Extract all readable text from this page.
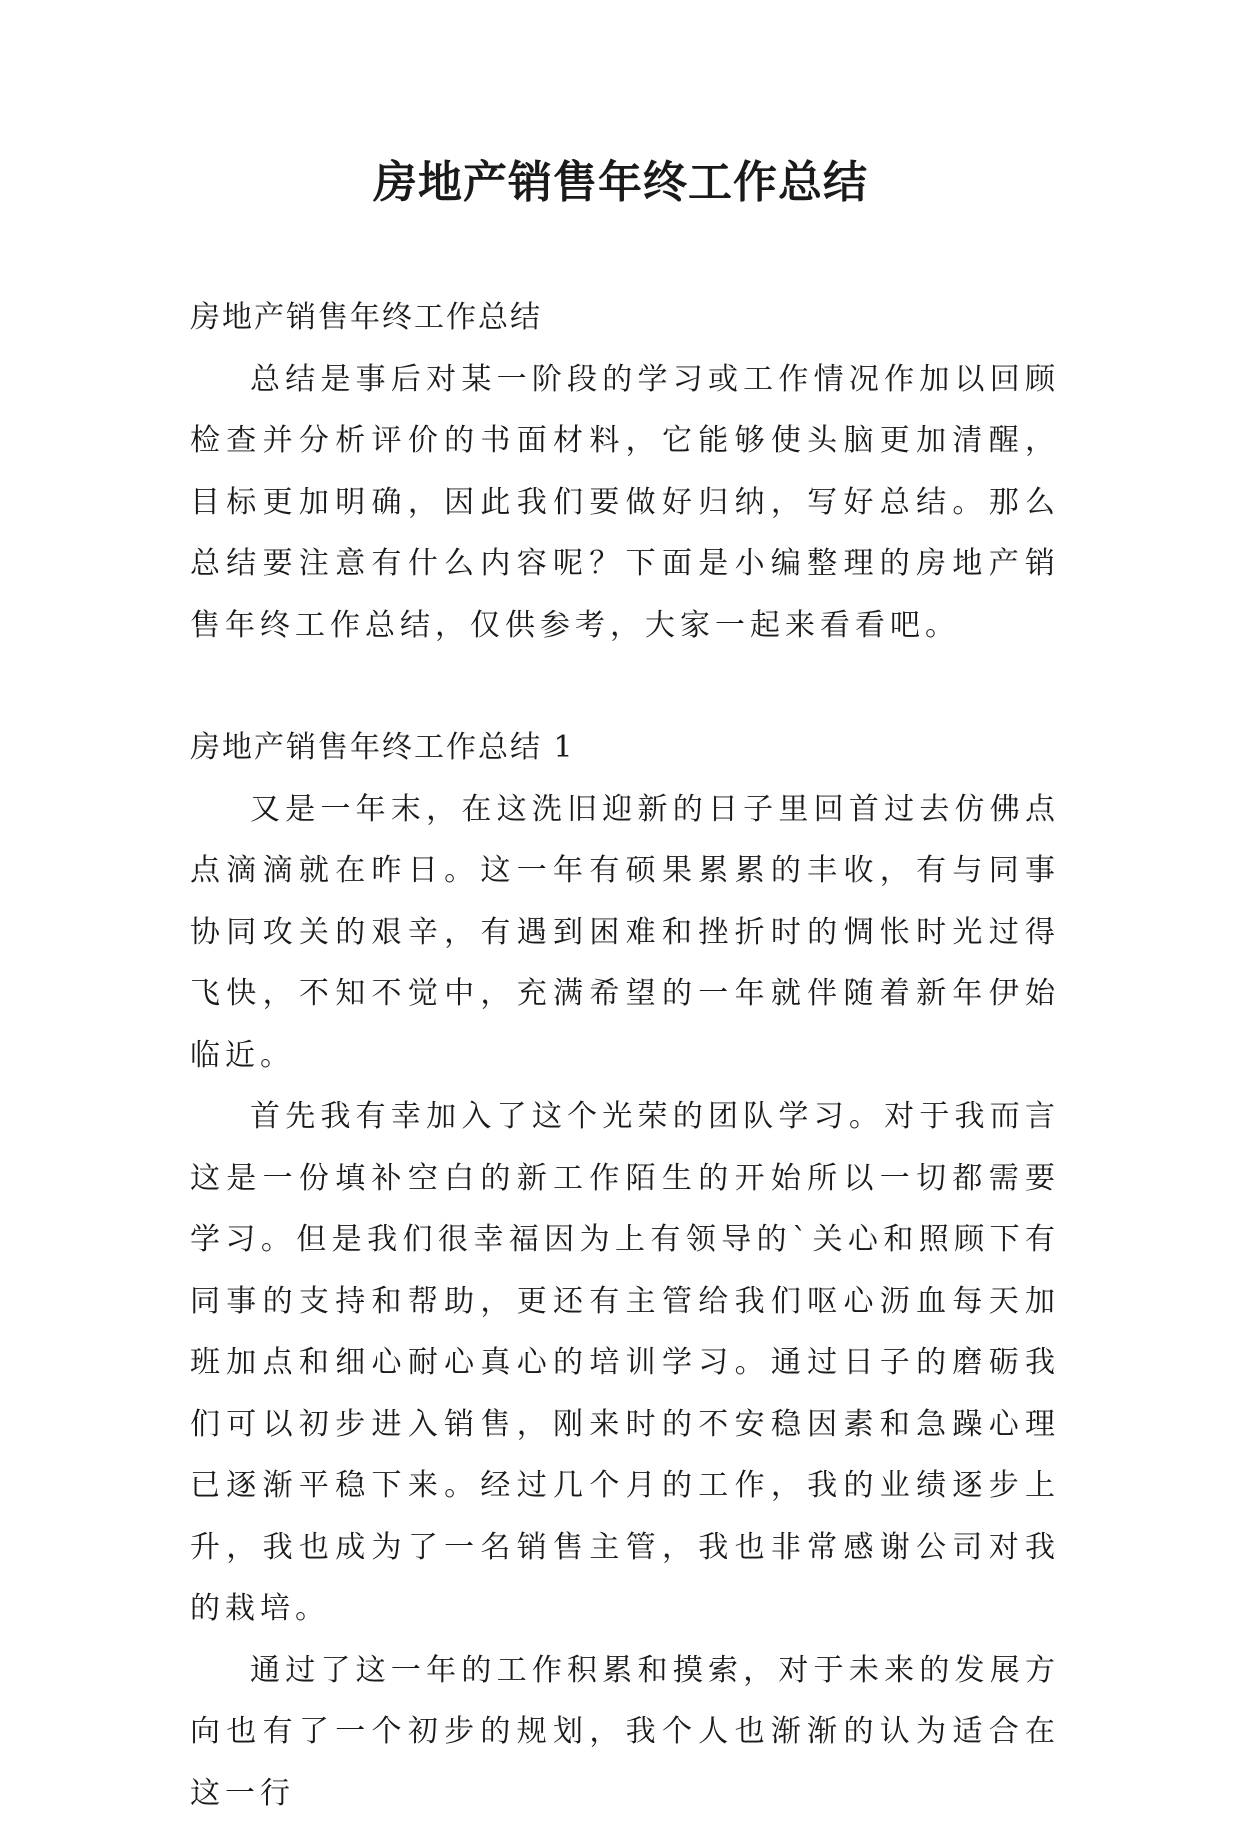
房地产销售年终工作总结

房地产销售年终工作总结

总结是事后对某一阶段的学习或工作情况作加以回顾检查并分析评价的书面材料，它能够使头脑更加清醒，目标更加明确，因此我们要做好归纳，写好总结。那么总结要注意有什么内容呢？下面是小编整理的房地产销售年终工作总结，仅供参考，大家一起来看看吧。

房地产销售年终工作总结 1

又是一年末，在这洗旧迎新的日子里回首过去仿佛点点滴滴就在昨日。这一年有硕果累累的丰收，有与同事协同攻关的艰辛，有遇到困难和挫折时的惆怅时光过得飞快，不知不觉中，充满希望的一年就伴随着新年伊始临近。

首先我有幸加入了这个光荣的团队学习。对于我而言这是一份填补空白的新工作陌生的开始所以一切都需要学习。但是我们很幸福因为上有领导的`关心和照顾下有同事的支持和帮助，更还有主管给我们呕心沥血每天加班加点和细心耐心真心的培训学习。通过日子的磨砺我们可以初步进入销售，刚来时的不安稳因素和急躁心理已逐渐平稳下来。经过几个月的工作，我的业绩逐步上升，我也成为了一名销售主管，我也非常感谢公司对我的栽培。

通过了这一年的工作积累和摸索，对于未来的发展方向也有了一个初步的规划，我个人也渐渐的认为适合在这一行
